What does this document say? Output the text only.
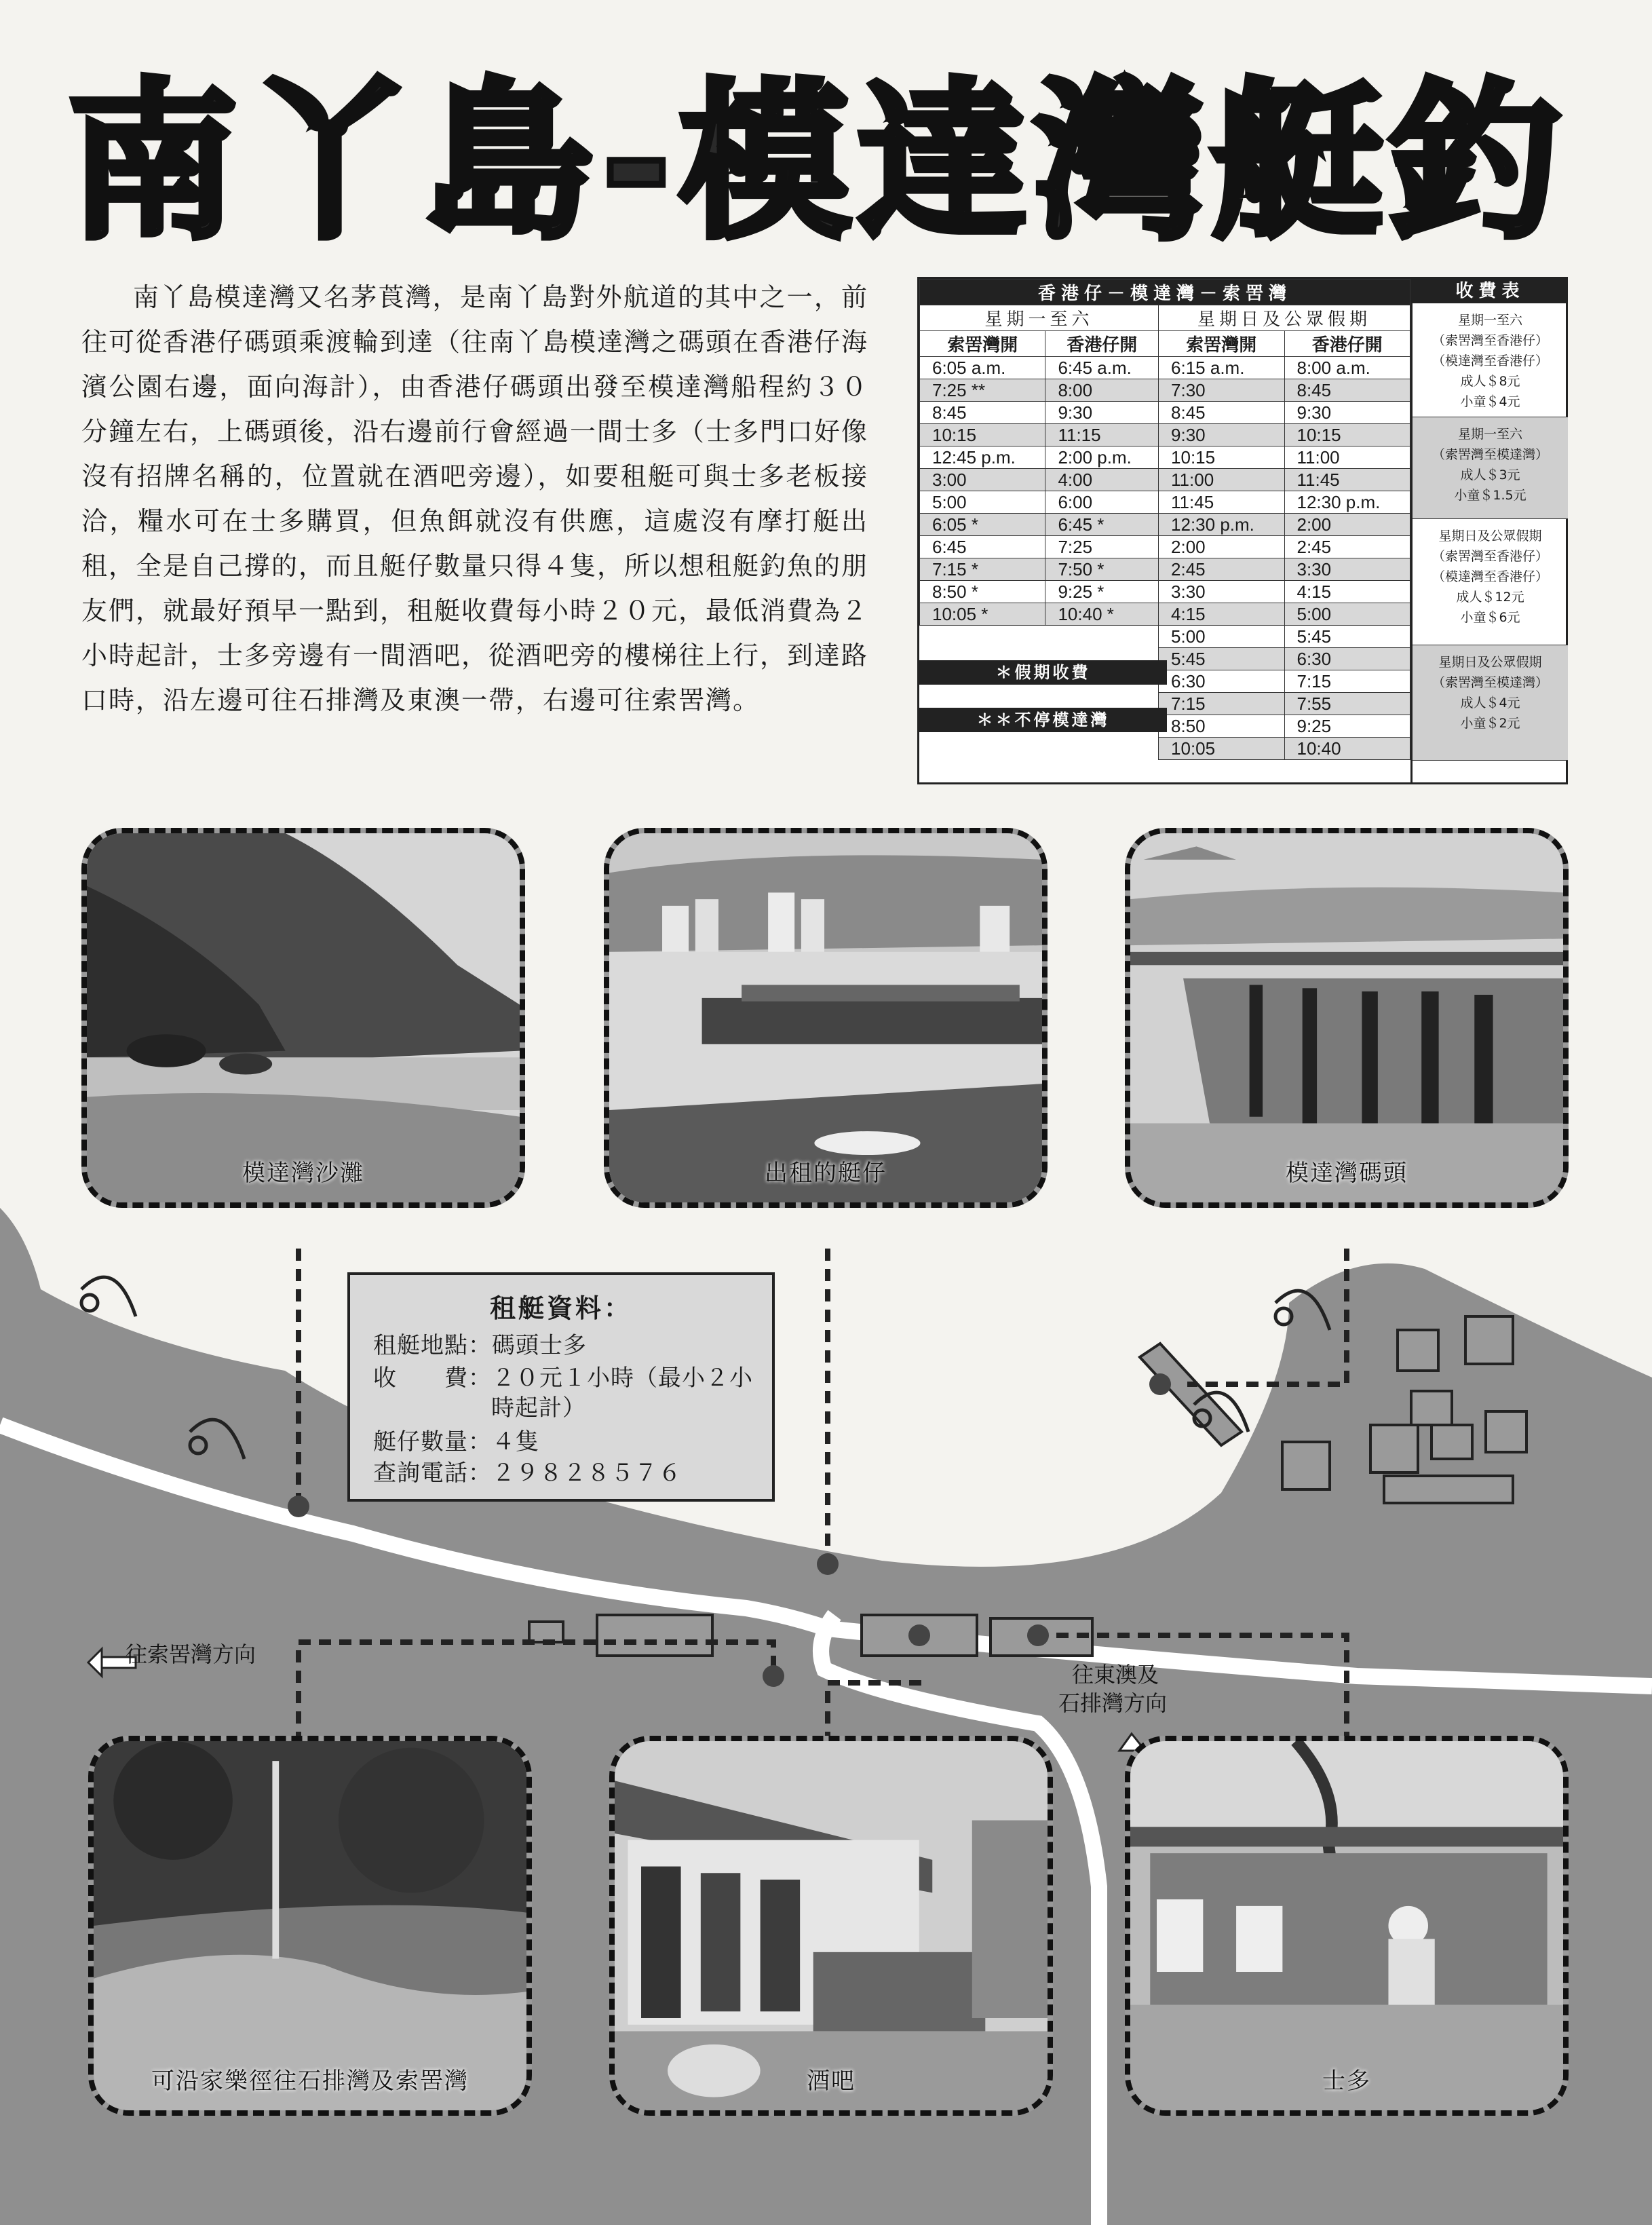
南丫島-模達灣艇釣

南丫島模達灣又名茅莨灣，是南丫島對外航道的其中之一，前往可從香港仔碼頭乘渡輪到達（往南丫島模達灣之碼頭在香港仔海濱公園右邊，面向海計），由香港仔碼頭出發至模達灣船程約３０分鐘左右，上碼頭後，沿右邊前行會經過一間士多（士多門口好像沒有招牌名稱的，位置就在酒吧旁邊），如要租艇可與士多老板接洽，糧水可在士多購買，但魚餌就沒有供應，這處沒有摩打艇出租，全是自己撐的，而且艇仔數量只得４隻，所以想租艇釣魚的朋友們，就最好預早一點到，租艇收費每小時２０元，最低消費為２小時起計，士多旁邊有一間酒吧，從酒吧旁的樓梯往上行，到達路口時，沿左邊可往石排灣及東澳一帶，右邊可往索罟灣。

香港仔－模達灣－索罟灣			
星期一至六		星期日及公眾假期	
索罟灣開	香港仔開	索罟灣開	香港仔開
6:05 a.m.	6:45 a.m.	6:15 a.m.	8:00 a.m.
7:25 **	8:00	7:30	8:45
8:45	9:30	8:45	9:30
10:15	11:15	9:30	10:15
12:45 p.m.	2:00 p.m.	10:15	11:00
3:00	4:00	11:00	11:45
5:00	6:00	11:45	12:30 p.m.
6:05 *	6:45 *	12:30 p.m.	2:00
6:45	7:25	2:00	2:45
7:15 *	7:50 *	2:45	3:30
8:50 *	9:25 *	3:30	4:15
10:05 *	10:40 *	4:15	5:00
		5:00	5:45
		5:45	6:30
		6:30	7:15
		7:15	7:55
		8:50	9:25
		10:05	10:40
＊假期收費
＊＊不停模達灣
收費表
星期一至六
（索罟灣至香港仔）
（模達灣至香港仔）
成人＄8元
小童＄4元
星期一至六
（索罟灣至模達灣）
成人＄3元
小童＄1.5元
星期日及公眾假期
（索罟灣至香港仔）
（模達灣至香港仔）
成人＄12元
小童＄6元
星期日及公眾假期
（索罟灣至模達灣）
成人＄4元
小童＄2元
模達灣沙灘	出租的艇仔	模達灣碼頭
往索罟灣方向
往東澳及
石排灣方向
租艇資料：
租艇地點：碼頭士多
收　　費：２０元１小時（最小２小
時起計）
艇仔數量：４隻
查詢電話：２９８２８５７６
可沿家樂徑往石排灣及索罟灣	酒吧	士多
